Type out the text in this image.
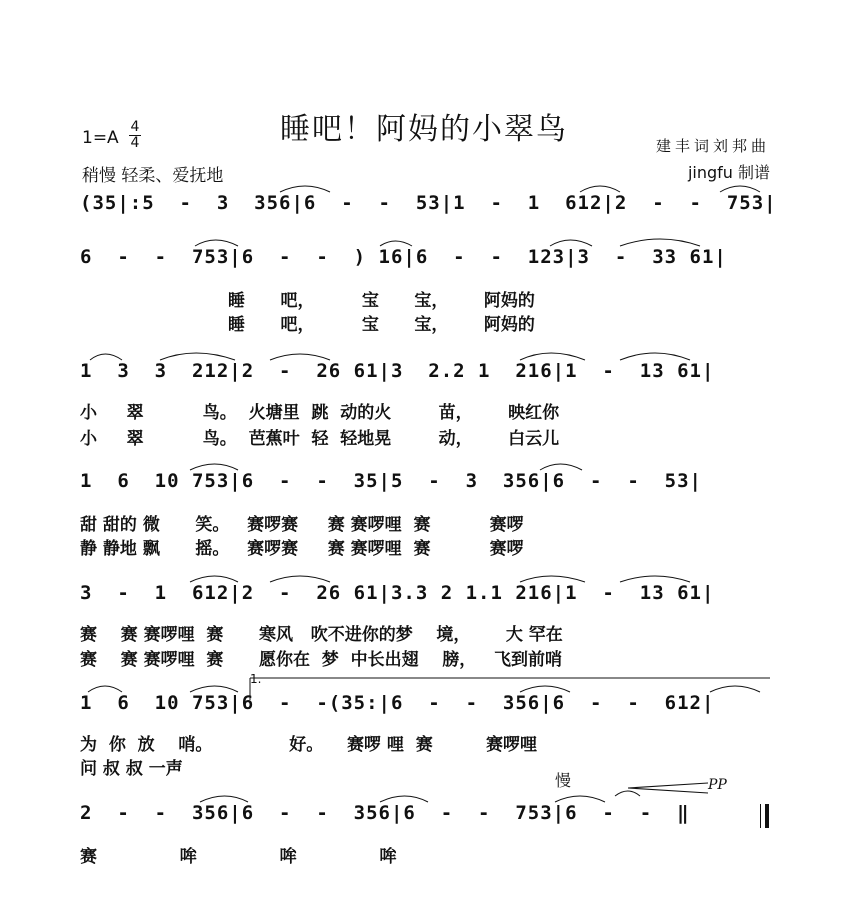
睡吧！阿妈的小翠鸟
1=A
4
4
稍慢 轻柔、爱抚地
建丰词刘邦曲
jingfu 制谱
(35|:5  -  3  356|6  -  -  53|1  -  1  612|2  -  -  753|
6  -  -  753|6  -  -  ) 16|6  -  -  123|3  -  33 61|
睡      吧，        宝      宝，      阿妈的
睡      吧，        宝      宝，      阿妈的
1  3  3  212|2  -  26 61|3  2.2 1  216|1  -  13 61|
小     翠          鸟。  火塘里  跳  动的火        苗，      映红你
小     翠          鸟。  芭蕉叶  轻  轻地晃        动，      白云儿
1  6  10 753|6  -  -  35|5  -  3  356|6  -  -  53|
甜 甜的 微      笑。   赛啰赛     赛 赛啰哩  赛          赛啰
静 静地 飘      摇。   赛啰赛     赛 赛啰哩  赛          赛啰
3  -  1  612|2  -  26 61|3.3 2 1.1 216|1  -  13 61|
赛    赛 赛啰哩  赛      寒风   吹不进你的梦    境，      大 罕在
赛    赛 赛啰哩  赛      愿你在  梦  中长出翅    膀，   飞到前哨
1.
1  6  10 753|6  -  -(35:|6  -  -  356|6  -  -  612|
为  你  放    哨。             好。    赛啰 哩  赛         赛啰哩
问 叔 叔 一声
慢	PP
2  -  -  356|6  -  -  356|6  -  -  753|6  -  -  ‖
赛              哞              哞              哞
